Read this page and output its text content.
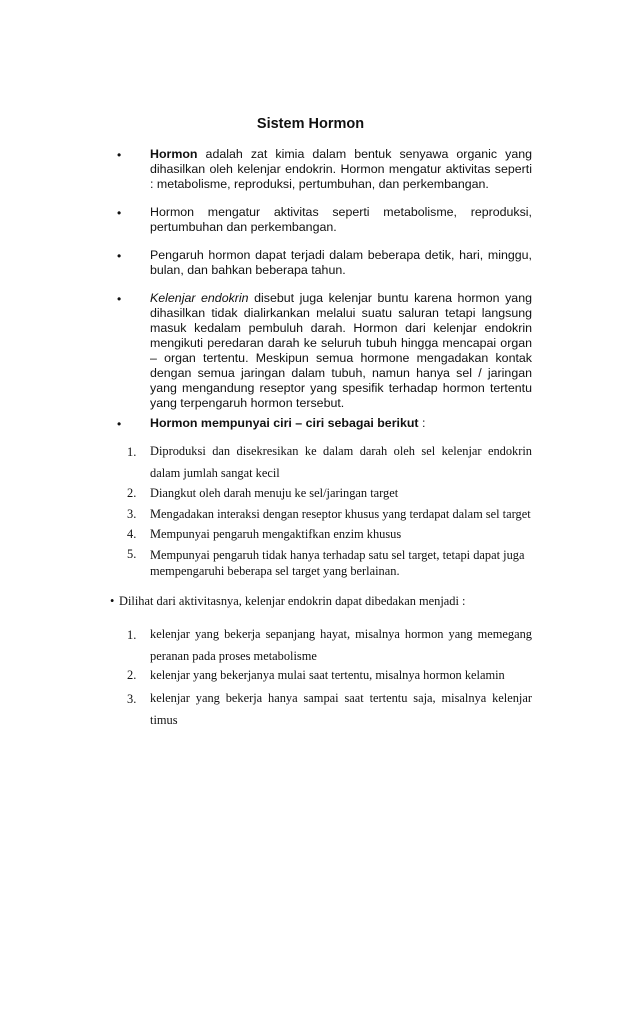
Sistem Hormon
•	Hormon adalah zat kimia dalam bentuk senyawa organic yang dihasilkan oleh kelenjar endokrin. Hormon mengatur aktivitas seperti : metabolisme, reproduksi, pertumbuhan, dan perkembangan.
•	Hormon mengatur aktivitas seperti metabolisme, reproduksi, pertumbuhan dan perkembangan.
•	Pengaruh hormon dapat terjadi dalam beberapa detik, hari, minggu, bulan, dan bahkan beberapa tahun.
•	Kelenjar endokrin disebut juga kelenjar buntu karena hormon yang dihasilkan tidak dialirkankan melalui suatu saluran tetapi langsung masuk kedalam pembuluh darah. Hormon dari kelenjar endokrin mengikuti peredaran darah ke seluruh tubuh hingga mencapai organ – organ tertentu. Meskipun semua hormone mengadakan kontak dengan semua jaringan dalam tubuh, namun hanya sel / jaringan yang mengandung reseptor yang spesifik terhadap hormon tertentu yang terpengaruh hormon tersebut.
•	Hormon mempunyai ciri – ciri sebagai berikut :
1.	Diproduksi dan disekresikan ke dalam darah oleh sel kelenjar endokrin dalam jumlah sangat kecil
2.	Diangkut oleh darah menuju ke sel/jaringan target
3.	Mengadakan interaksi dengan reseptor khusus yang terdapat dalam sel target
4.	Mempunyai pengaruh mengaktifkan enzim khusus
5.	Mempunyai pengaruh tidak hanya terhadap satu sel target, tetapi dapat juga mempengaruhi beberapa sel target yang berlainan.
• Dilihat dari aktivitasnya, kelenjar endokrin dapat dibedakan menjadi :
1.	kelenjar yang bekerja sepanjang hayat, misalnya hormon yang memegang peranan pada proses metabolisme
2.	kelenjar yang bekerjanya mulai saat tertentu, misalnya hormon kelamin
3.	kelenjar yang bekerja hanya sampai saat tertentu saja, misalnya kelenjar timus
